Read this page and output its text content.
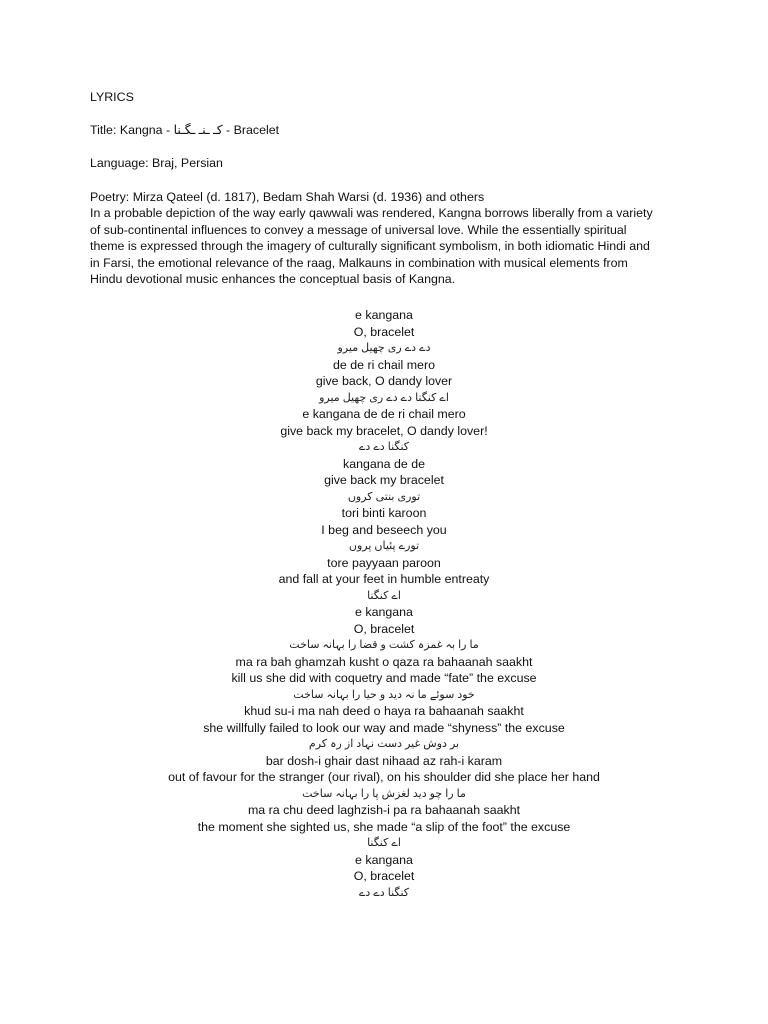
LYRICS

Title: Kangna - کـ ـنـ ـگـنا - Bracelet

Language: Braj, Persian

Poetry: Mirza Qateel (d. 1817), Bedam Shah Warsi (d. 1936) and others

In a probable depiction of the way early qawwali was rendered, Kangna borrows liberally from a variety
of sub-continental influences to convey a message of universal love. While the essentially spiritual
theme is expressed through the imagery of culturally significant symbolism, in both idiomatic Hindi and
in Farsi, the emotional relevance of the raag, Malkauns in combination with musical elements from
Hindu devotional music enhances the conceptual basis of Kangna.
e kangana
O, bracelet
دے دے ری چھیل میرو
de de ri chail mero
give back, O dandy lover
اے کنگنا دے دے ری چھیل میرو
e kangana de de ri chail mero
give back my bracelet, O dandy lover!
کنگنا دے دے
kangana de de
give back my bracelet
توری بنتی کروں
tori binti karoon
I beg and beseech you
تورے پئیاں پروں
tore payyaan paroon
and fall at your feet in humble entreaty
اے کنگنا
e kangana
O, bracelet
ما را بہ غمزہ کشت و قضا را بہانہ ساخت
ma ra bah ghamzah kusht o qaza ra bahaanah saakht
kill us she did with coquetry and made “fate” the excuse
خود سوئے ما نہ دید و حیا را بہانہ ساخت
khud su-i ma nah deed o haya ra bahaanah saakht
she willfully failed to look our way and made “shyness” the excuse
بر دوش غیر دست نہاد از رہ کرم
bar dosh-i ghair dast nihaad az rah-i karam
out of favour for the stranger (our rival), on his shoulder did she place her hand
ما را چو دید لغزش پا را بہانہ ساخت
ma ra chu deed laghzish-i pa ra bahaanah saakht
the moment she sighted us, she made “a slip of the foot” the excuse
اے کنگنا
e kangana
O, bracelet
کنگنا دے دے
